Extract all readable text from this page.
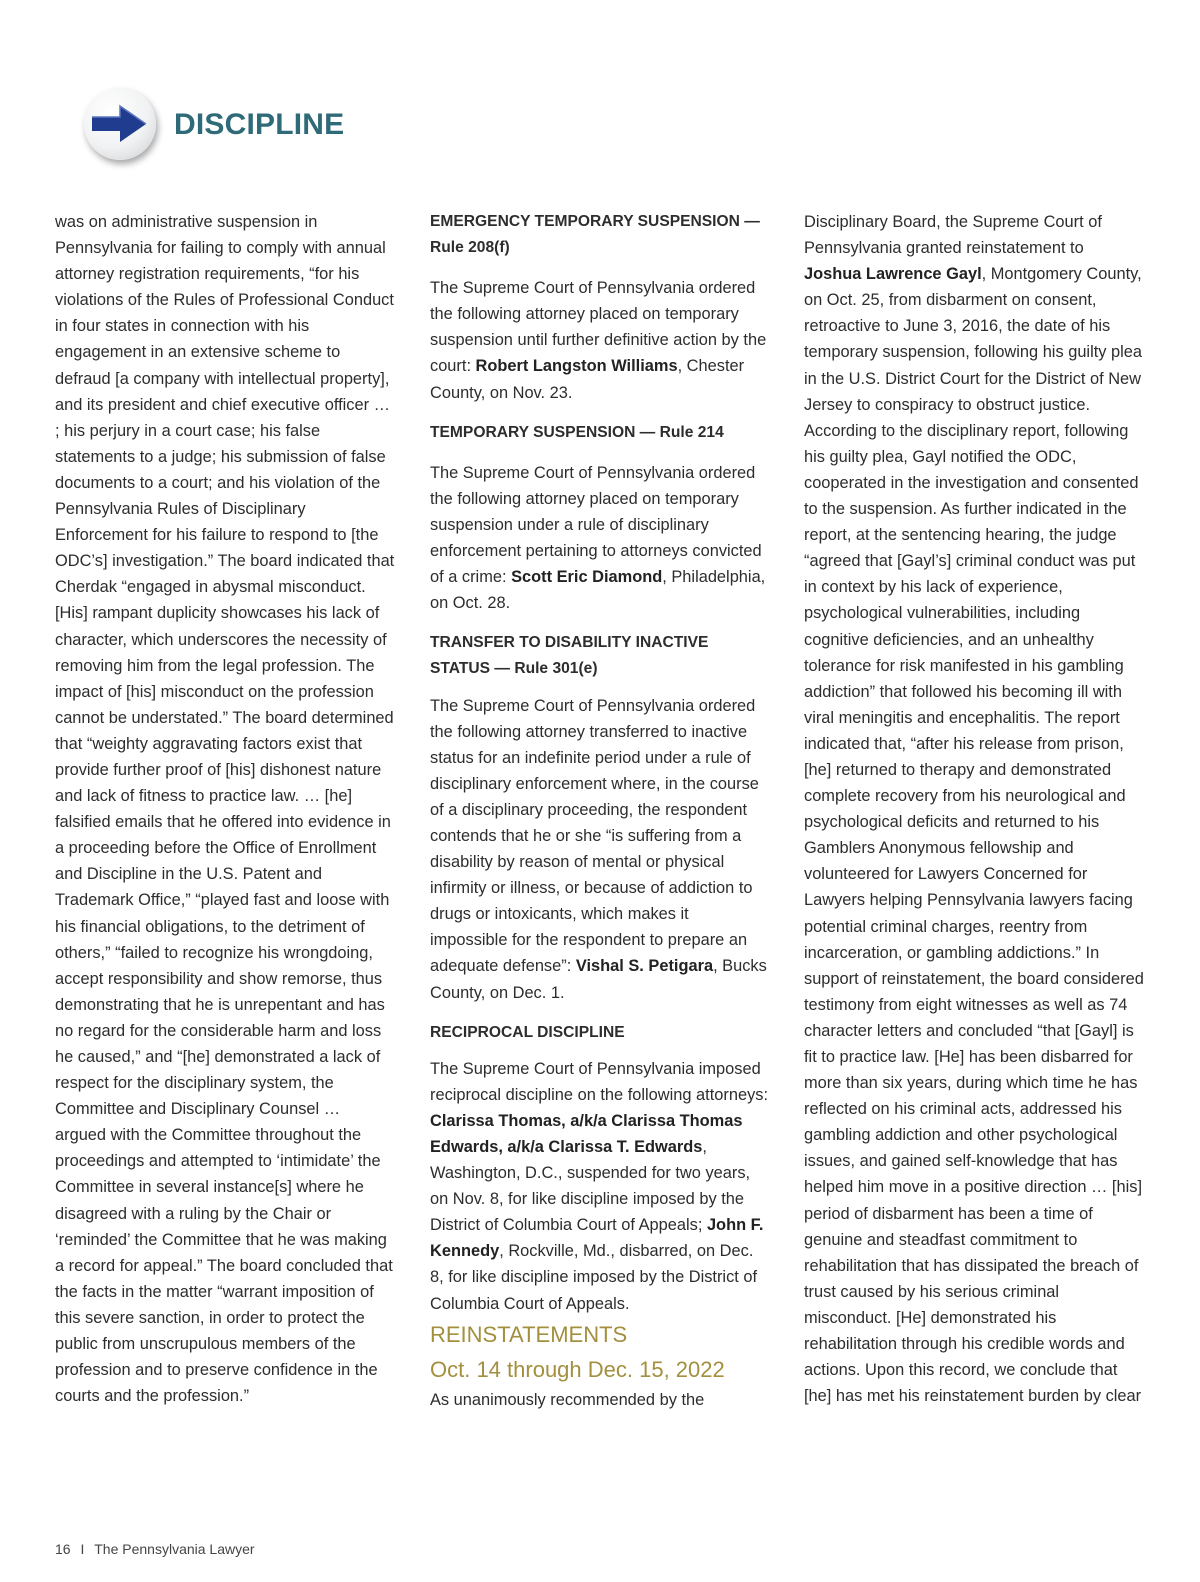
DISCIPLINE

was on administrative suspension in Pennsylvania for failing to comply with annual attorney registration requirements, “for his violations of the Rules of Professional Conduct in four states in connection with his engagement in an extensive scheme to defraud [a company with intellectual property], and its president and chief executive officer … ; his perjury in a court case; his false statements to a judge; his submission of false documents to a court; and his violation of the Pennsylvania Rules of Disciplinary Enforcement for his failure to respond to [the ODC’s] investigation.” The board indicated that Cherdak “engaged in abysmal misconduct. [His] rampant duplicity showcases his lack of character, which underscores the necessity of removing him from the legal profession. The impact of [his] misconduct on the profession cannot be understated.” The board determined that “weighty aggravating factors exist that provide further proof of [his] dishonest nature and lack of fitness to practice law. … [he] falsified emails that he offered into evidence in a proceeding before the Office of Enrollment and Discipline in the U.S. Patent and Trademark Office,” “played fast and loose with his financial obligations, to the detriment of others,” “failed to recognize his wrongdoing, accept responsibility and show remorse, thus demonstrating that he is unrepentant and has no regard for the considerable harm and loss he caused,” and “[he] demonstrated a lack of respect for the disciplinary system, the Committee and Disciplinary Counsel … argued with the Committee throughout the proceedings and attempted to ‘intimidate’ the Committee in several instance[s] where he disagreed with a ruling by the Chair or ‘reminded’ the Committee that he was making a record for appeal.” The board concluded that the facts in the matter “warrant imposition of this severe sanction, in order to protect the public from unscrupulous members of the profession and to preserve confidence in the courts and the profession.”

EMERGENCY TEMPORARY SUSPENSION — Rule 208(f)

The Supreme Court of Pennsylvania ordered the following attorney placed on temporary suspension until further definitive action by the court: Robert Langston Williams, Chester County, on Nov. 23.

TEMPORARY SUSPENSION — Rule 214

The Supreme Court of Pennsylvania ordered the following attorney placed on temporary suspension under a rule of disciplinary enforcement pertaining to attorneys convicted of a crime: Scott Eric Diamond, Philadelphia, on Oct. 28.

TRANSFER TO DISABILITY INACTIVE STATUS — Rule 301(e)

The Supreme Court of Pennsylvania ordered the following attorney transferred to inactive status for an indefinite period under a rule of disciplinary enforcement where, in the course of a disciplinary proceeding, the respondent contends that he or she “is suffering from a disability by reason of mental or physical infirmity or illness, or because of addiction to drugs or intoxicants, which makes it impossible for the respondent to prepare an adequate defense”: Vishal S. Petigara, Bucks County, on Dec. 1.

RECIPROCAL DISCIPLINE

The Supreme Court of Pennsylvania imposed reciprocal discipline on the following attorneys: Clarissa Thomas, a/k/a Clarissa Thomas Edwards, a/k/a Clarissa T. Edwards, Washington, D.C., suspended for two years, on Nov. 8, for like discipline imposed by the District of Columbia Court of Appeals; John F. Kennedy, Rockville, Md., disbarred, on Dec. 8, for like discipline imposed by the District of Columbia Court of Appeals.

REINSTATEMENTS

Oct. 14 through Dec. 15, 2022

As unanimously recommended by the

Disciplinary Board, the Supreme Court of Pennsylvania granted reinstatement to Joshua Lawrence Gayl, Montgomery County, on Oct. 25, from disbarment on consent, retroactive to June 3, 2016, the date of his temporary suspension, following his guilty plea in the U.S. District Court for the District of New Jersey to conspiracy to obstruct justice. According to the disciplinary report, following his guilty plea, Gayl notified the ODC, cooperated in the investigation and consented to the suspension. As further indicated in the report, at the sentencing hearing, the judge “agreed that [Gayl’s] criminal conduct was put in context by his lack of experience, psychological vulnerabilities, including cognitive deficiencies, and an unhealthy tolerance for risk manifested in his gambling addiction” that followed his becoming ill with viral meningitis and encephalitis. The report indicated that, “after his release from prison, [he] returned to therapy and demonstrated complete recovery from his neurological and psychological deficits and returned to his Gamblers Anonymous fellowship and volunteered for Lawyers Concerned for Lawyers helping Pennsylvania lawyers facing potential criminal charges, reentry from incarceration, or gambling addictions.” In support of reinstatement, the board considered testimony from eight witnesses as well as 74 character letters and concluded “that [Gayl] is fit to practice law. [He] has been disbarred for more than six years, during which time he has reflected on his criminal acts, addressed his gambling addiction and other psychological issues, and gained self-knowledge that has helped him move in a positive direction … [his] period of disbarment has been a time of genuine and steadfast commitment to rehabilitation that has dissipated the breach of trust caused by his serious criminal misconduct. [He] demonstrated his rehabilitation through his credible words and actions. Upon this record, we conclude that [he] has met his reinstatement burden by clear

16 I The Pennsylvania Lawyer
